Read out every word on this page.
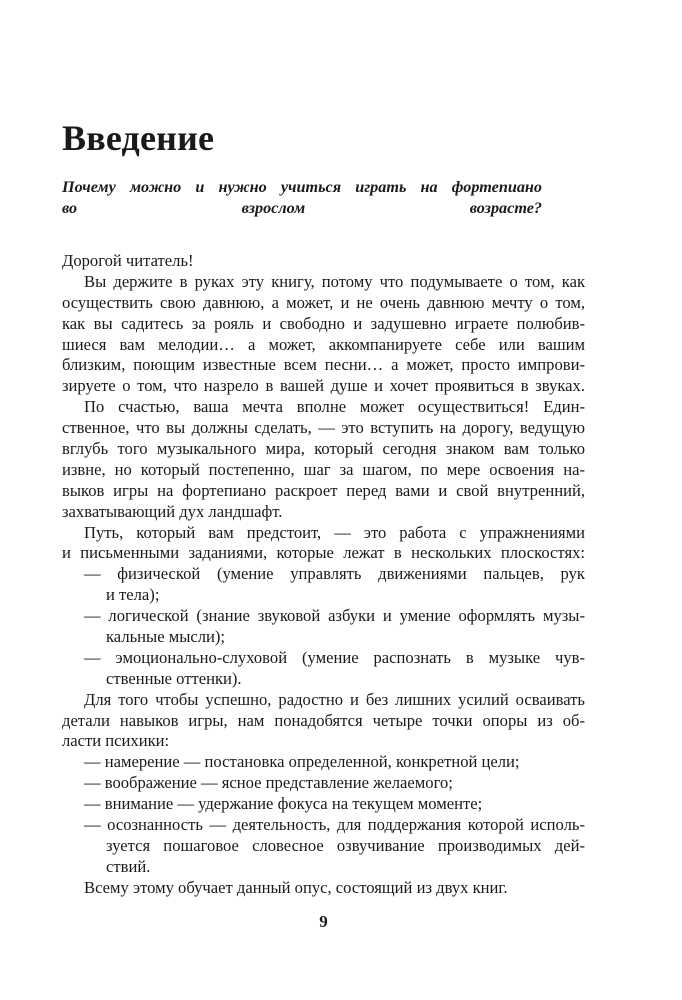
Введение
Почему можно и нужно учиться играть на фортепиано
во взрослом возрасте?
Дорогой читатель!
Вы держите в руках эту книгу, потому что подумываете о том, как
осуществить свою давнюю, а может, и не очень давнюю мечту о том,
как вы садитесь за рояль и свободно и задушевно играете полюбив-
шиеся вам мелодии… а может, аккомпанируете себе или вашим
близким, поющим известные всем песни… а может, просто импрови-
зируете о том, что назрело в вашей душе и хочет проявиться в звуках.
По счастью, ваша мечта вполне может осуществиться! Един-
ственное, что вы должны сделать, — это вступить на дорогу, ведущую
вглубь того музыкального мира, который сегодня знаком вам только
извне, но который постепенно, шаг за шагом, по мере освоения на-
выков игры на фортепиано раскроет перед вами и свой внутренний,
захватывающий дух ландшафт.
Путь, который вам предстоит, — это работа с упражнениями
и письменными заданиями, которые лежат в нескольких плоскостях:
— физической (умение управлять движениями пальцев, рук
и тела);
— логической (знание звуковой азбуки и умение оформлять музы-
кальные мысли);
— эмоционально-слуховой (умение распознать в музыке чув-
ственные оттенки).
Для того чтобы успешно, радостно и без лишних усилий осваивать
детали навыков игры, нам понадобятся четыре точки опоры из об-
ласти психики:
— намерение — постановка определенной, конкретной цели;
— воображение — ясное представление желаемого;
— внимание — удержание фокуса на текущем моменте;
— осознанность — деятельность, для поддержания которой исполь-
зуется пошаговое словесное озвучивание производимых дей-
ствий.
Всему этому обучает данный опус, состоящий из двух книг.
9
